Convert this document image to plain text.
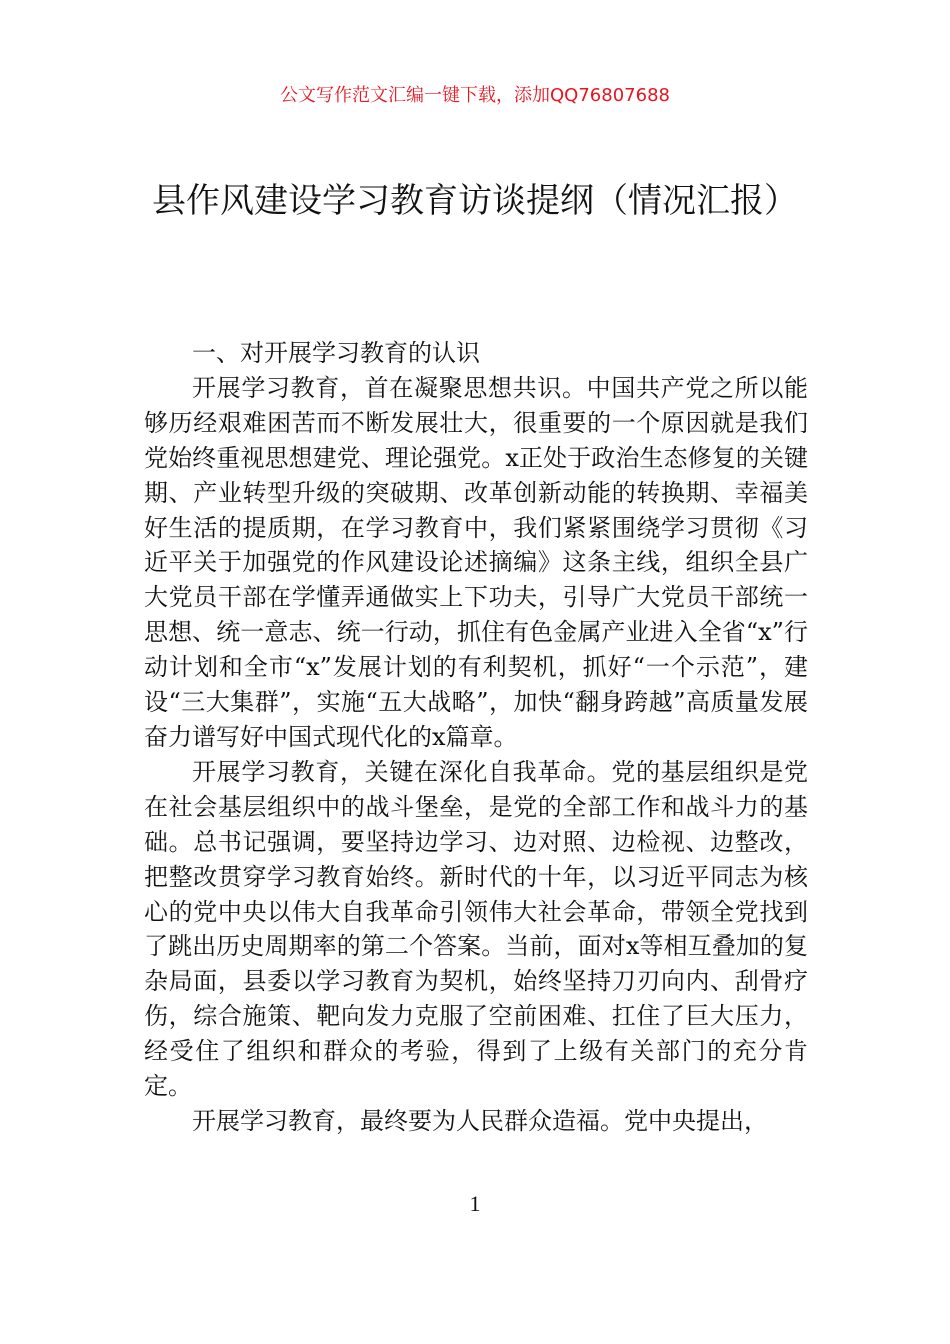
公文写作范文汇编一键下载，添加QQ76807688
县作风建设学习教育访谈提纲（情况汇报）

一、对开展学习教育的认识

开展学习教育，首在凝聚思想共识。中国共产党之所以能够历经艰难困苦而不断发展壮大，很重要的一个原因就是我们党始终重视思想建党、理论强党。x正处于政治生态修复的关键期、产业转型升级的突破期、改革创新动能的转换期、幸福美好生活的提质期，在学习教育中，我们紧紧围绕学习贯彻《习近平关于加强党的作风建设论述摘编》这条主线，组织全县广大党员干部在学懂弄通做实上下功夫，引导广大党员干部统一思想、统一意志、统一行动，抓住有色金属产业进入全省“x”行动计划和全市“x”发展计划的有利契机，抓好“一个示范”，建设“三大集群”，实施“五大战略”，加快“翻身跨越”高质量发展奋力谱写好中国式现代化的x篇章。

开展学习教育，关键在深化自我革命。党的基层组织是党在社会基层组织中的战斗堡垒，是党的全部工作和战斗力的基础。总书记强调，要坚持边学习、边对照、边检视、边整改，把整改贯穿学习教育始终。新时代的十年，以习近平同志为核心的党中央以伟大自我革命引领伟大社会革命，带领全党找到了跳出历史周期率的第二个答案。当前，面对x等相互叠加的复杂局面，县委以学习教育为契机，始终坚持刀刃向内、刮骨疗伤，综合施策、靶向发力克服了空前困难、扛住了巨大压力，经受住了组织和群众的考验，得到了上级有关部门的充分肯定。

开展学习教育，最终要为人民群众造福。党中央提出，

1
